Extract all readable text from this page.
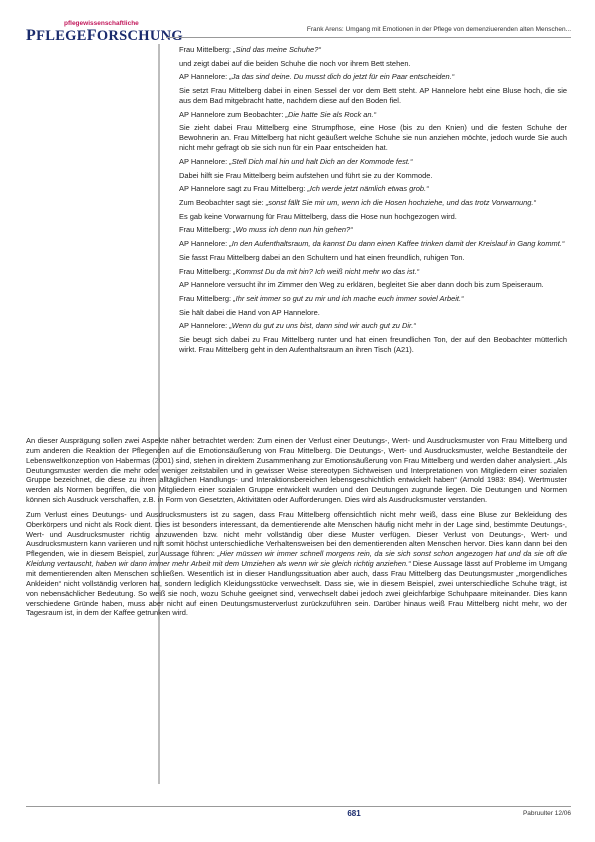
pflegewissenschaftliche
PFLEGEFORSCHUNG	Frank Arens: Umgang mit Emotionen in der Pflege von demenziuerenden alten Menschen...

Frau Mittelberg: „Sind das meine Schuhe?“

und zeigt dabei auf die beiden Schuhe die noch vor ihrem Bett stehen.

AP Hannelore: „Ja das sind deine. Du musst dich do jetzt für ein Paar entscheiden.“

Sie setzt Frau Mittelberg dabei in einen Sessel der vor dem Bett steht. AP Hannelore hebt eine Bluse hoch, die sie aus dem Bad mitgebracht hatte, nachdem diese auf den Boden fiel.

AP Hannelore zum Beobachter: „Die hatte Sie als Rock an.“

Sie zieht dabei Frau Mittelberg eine Strumpfhose, eine Hose (bis zu den Knien) und die festen Schuhe der Bewohnerin an. Frau Mittelberg hat nicht geäußert welche Schuhe sie nun anziehen möchte, jedoch wurde Sie auch nicht mehr gefragt ob sie sich nun für ein Paar entscheiden hat.

AP Hannelore: „Stell Dich mal hin und halt Dich an der Kommode fest.“

Dabei hilft sie Frau Mittelberg beim aufstehen und führt sie zu der Kommode.

AP Hannelore sagt zu Frau Mittelberg: „Ich werde jetzt nämlich etwas grob.“

Zum Beobachter sagt sie: „sonst fällt Sie mir um, wenn ich die Hosen hochziehe, und das trotz Vorwarnung.“

Es gab keine Vorwarnung für Frau Mittelberg, dass die Hose nun hochgezogen wird.

Frau Mittelberg: „Wo muss ich denn nun hin gehen?“

AP Hannelore: „In den Aufenthaltsraum, da kannst Du dann einen Kaffee trinken damit der Kreislauf in Gang kommt.“

Sie fasst Frau Mittelberg dabei an den Schultern und hat einen freundlich, ruhigen Ton.

Frau Mittelberg: „Kommst Du da mit hin? Ich weiß nicht mehr wo das ist.“

AP Hannelore versucht ihr im Zimmer den Weg zu erklären, begleitet Sie aber dann doch bis zum Speiseraum.

Frau Mittelberg: „Ihr seit immer so gut zu mir und ich mache euch immer soviel Arbeit.“

Sie hält dabei die Hand von AP Hannelore.

AP Hannelore: „Wenn du gut zu uns bist, dann sind wir auch gut zu Dir.“

Sie beugt sich dabei zu Frau Mittelberg runter und hat einen freundlichen Ton, der auf den Beobachter mütterlich wirkt. Frau Mittelberg geht in den Aufenthaltsraum an ihren Tisch (A21).

An dieser Ausprägung sollen zwei Aspekte näher betrachtet werden: Zum einen der Verlust einer Deutungs-, Wert- und Ausdrucksmuster von Frau Mittelberg und zum anderen die Reaktion der Pflegenden auf die Emotionsäußerung von Frau Mittelberg. Die Deutungs-, Wert- und Ausdrucksmuster, welche Bestandteile der Lebensweltkonzeption von Habermas (2001) sind, stehen in direktem Zusammenhang zur Emotionsäußerung von Frau Mittelberg und werden daher analysiert. „Als Deutungsmuster werden die mehr oder weniger zeitstabilen und in gewisser Weise stereotypen Sichtweisen und Interpretationen von Mitgliedern einer sozialen Gruppe bezeichnet, die diese zu ihren alltäglichen Handlungs- und Interaktionsbereichen lebensgeschichtlich entwickelt haben“ (Arnold 1983: 894). Wertmuster werden als Normen begriffen, die von Mitgliedern einer sozialen Gruppe entwickelt wurden und den Deutungen zugrunde liegen. Die Deutungen und Normen können sich Ausdruck verschaffen, z.B. in Form von Gesetzten, Aktivitäten oder Aufforderungen. Dies wird als Ausdrucksmuster verstanden.

Zum Verlust eines Deutungs- und Ausdrucksmusters ist zu sagen, dass Frau Mittelberg offensichtlich nicht mehr weiß, dass eine Bluse zur Bekleidung des Oberkörpers und nicht als Rock dient. Dies ist besonders interessant, da dementierende alte Menschen häufig nicht mehr in der Lage sind, bestimmte Deutungs-, Wert- und Ausdrucksmuster richtig anzuwenden bzw. nicht mehr vollständig über diese Muster verfügen. Dieser Verlust von Deutungs-, Wert- und Ausdrucksmustern kann variieren und ruft somit höchst unterschiedliche Verhaltensweisen bei den dementierenden alten Menschen hervor. Dies kann dann bei den Pflegenden, wie in diesem Beispiel, zur Aussage führen: „Hier müssen wir immer schnell morgens rein, da sie sich sonst schon angezogen hat und da sie oft die Kleidung vertauscht, haben wir dann immer mehr Arbeit mit dem Umziehen als wenn wir sie gleich richtig anziehen.“ Diese Aussage lässt auf Probleme im Umgang mit dementierenden alten Menschen schließen. Wesentlich ist in dieser Handlungssituation aber auch, dass Frau Mittelberg das Deutungsmuster „morgendliches Ankleiden“ nicht vollständig verloren hat, sondern lediglich Kleidungsstücke verwechselt. Dass sie, wie in diesem Beispiel, zwei unterschiedliche Schuhe trägt, ist von nebensächlicher Bedeutung. So weiß sie noch, wozu Schuhe geeignet sind, verwechselt dabei jedoch zwei gleichfarbige Schuhpaare miteinander. Dies kann verschiedene Gründe haben, muss aber nicht auf einen Deutungsmusterverlust zurückzuführen sein. Darüber hinaus weiß Frau Mittelberg nicht mehr, wo der Tagesraum ist, in dem der Kaffee getrunken wird.

681	Pabruulter 12/06
